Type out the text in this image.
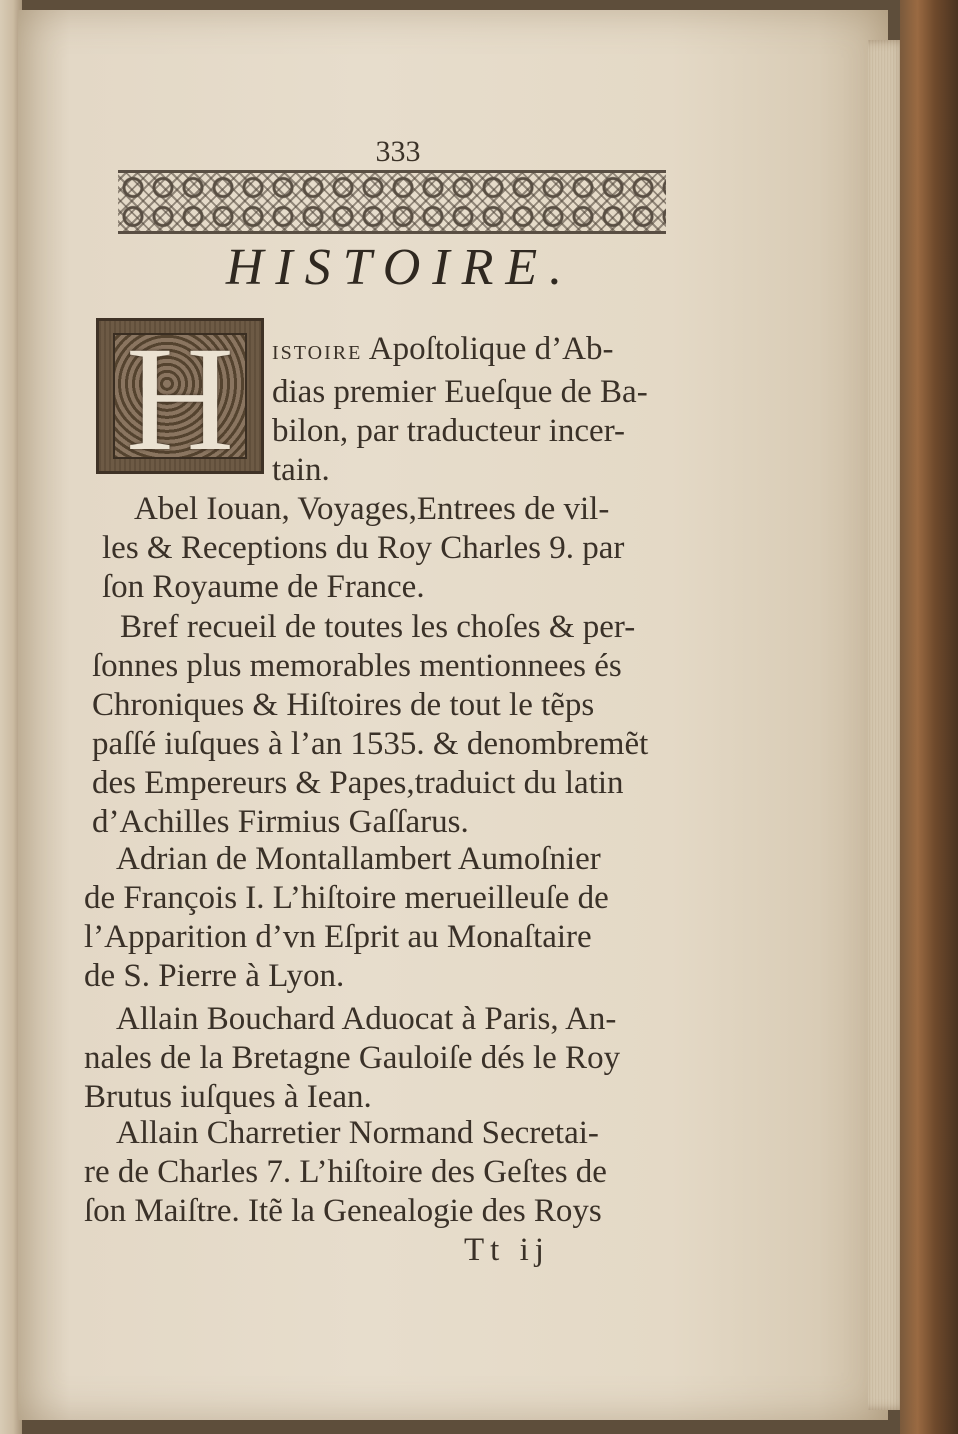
333
HISTOIRE.
H	ISTOIRE Apoſtolique d’Ab-
dias premier Eueſque de Ba-
bilon, par traducteur incer-
tain.
Abel Iouan, Voyages,Entrees de vil-
les & Receptions du Roy Charles 9. par
ſon Royaume de France.
Bref recueil de toutes les choſes & per-
ſonnes plus memorables mentionnees és
Chroniques & Hiſtoires de tout le tẽps
paſſé iuſques à l’an 1535. & denombremẽt
des Empereurs & Papes,traduict du latin
d’Achilles Firmius Gaſſarus.
Adrian de Montallambert Aumoſnier
de François I. L’hiſtoire merueilleuſe de
l’Apparition d’vn Eſprit au Monaſtaire
de S. Pierre à Lyon.
Allain Bouchard Aduocat à Paris, An-
nales de la Bretagne Gauloiſe dés le Roy
Brutus iuſques à Iean.
Allain Charretier Normand Secretai-
re de Charles 7. L’hiſtoire des Geſtes de
ſon Maiſtre. Itẽ la Genealogie des Roys
Tt ij
